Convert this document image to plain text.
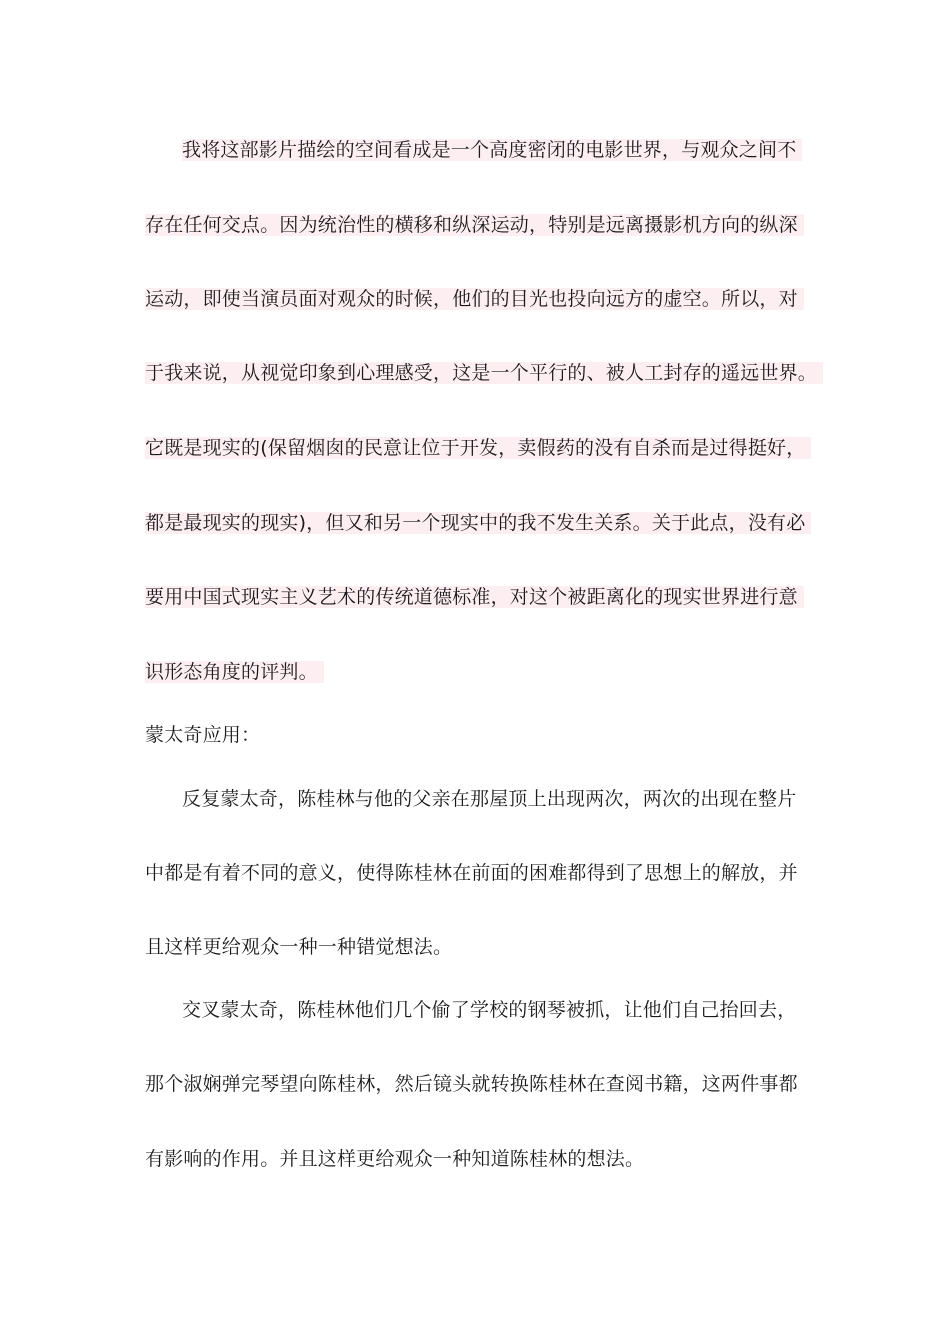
我将这部影片描绘的空间看成是一个高度密闭的电影世界，与观众之间不
存在任何交点。因为统治性的横移和纵深运动，特别是远离摄影机方向的纵深
运动，即使当演员面对观众的时候，他们的目光也投向远方的虚空。所以，对
于我来说，从视觉印象到心理感受，这是一个平行的、被人工封存的遥远世界。
它既是现实的(保留烟囱的民意让位于开发，卖假药的没有自杀而是过得挺好，
都是最现实的现实)，但又和另一个现实中的我不发生关系。关于此点，没有必
要用中国式现实主义艺术的传统道德标准，对这个被距离化的现实世界进行意
识形态角度的评判。
蒙太奇应用：
反复蒙太奇，陈桂林与他的父亲在那屋顶上出现两次，两次的出现在整片
中都是有着不同的意义，使得陈桂林在前面的困难都得到了思想上的解放，并
且这样更给观众一种一种错觉想法。
交叉蒙太奇，陈桂林他们几个偷了学校的钢琴被抓，让他们自己抬回去，
那个淑娴弹完琴望向陈桂林，然后镜头就转换陈桂林在查阅书籍，这两件事都
有影响的作用。并且这样更给观众一种知道陈桂林的想法。
